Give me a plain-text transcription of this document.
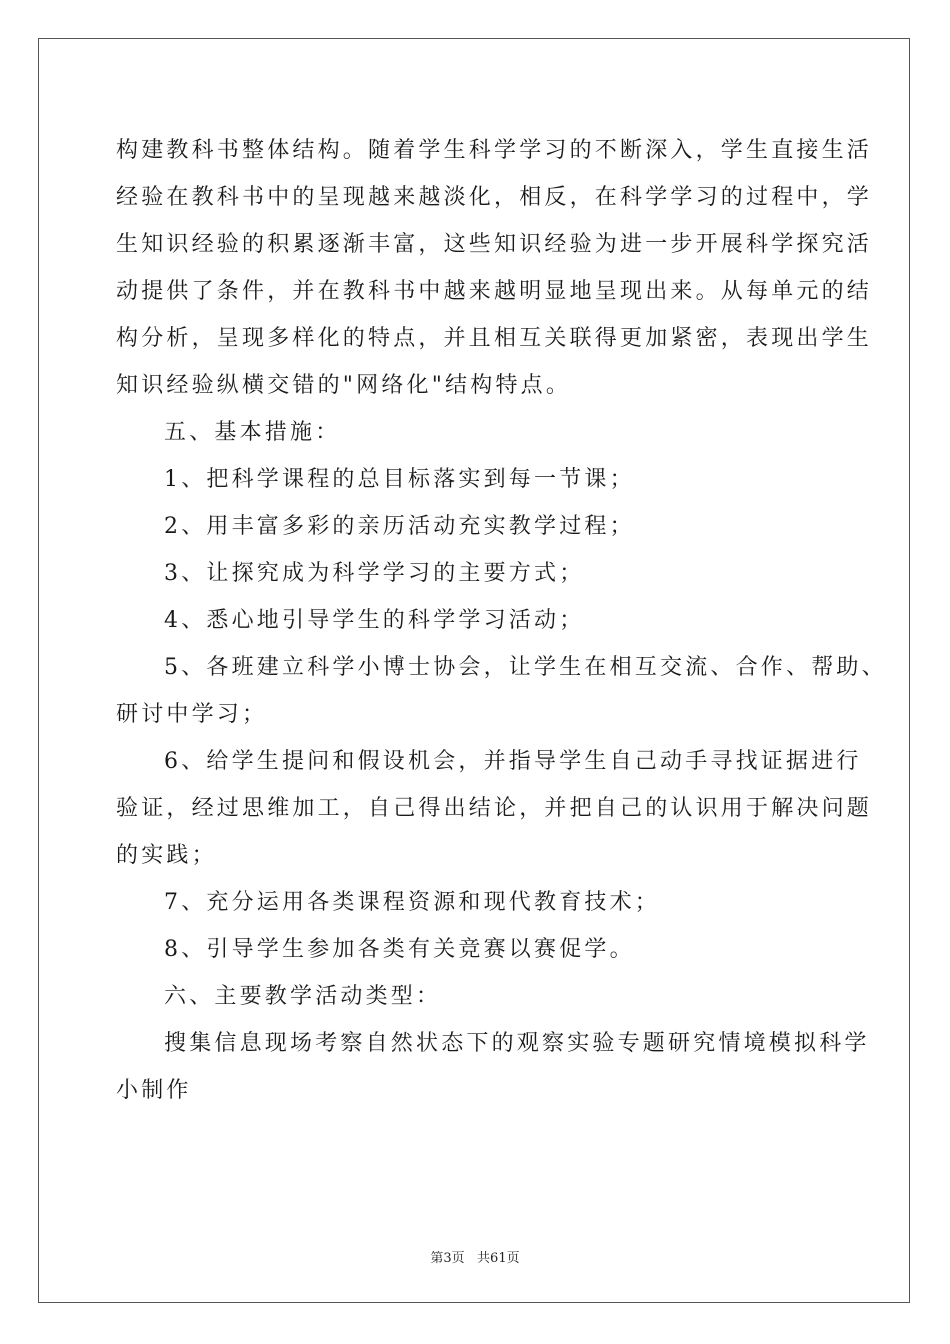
构建教科书整体结构。随着学生科学学习的不断深入，学生直接生活
经验在教科书中的呈现越来越淡化，相反，在科学学习的过程中，学
生知识经验的积累逐渐丰富，这些知识经验为进一步开展科学探究活
动提供了条件，并在教科书中越来越明显地呈现出来。从每单元的结
构分析，呈现多样化的特点，并且相互关联得更加紧密，表现出学生
知识经验纵横交错的"网络化"结构特点。
五、基本措施：
1、把科学课程的总目标落实到每一节课；
2、用丰富多彩的亲历活动充实教学过程；
3、让探究成为科学学习的主要方式；
4、悉心地引导学生的科学学习活动；
5、各班建立科学小博士协会，让学生在相互交流、合作、帮助、
研讨中学习；
6、给学生提问和假设机会，并指导学生自己动手寻找证据进行
验证，经过思维加工，自己得出结论，并把自己的认识用于解决问题
的实践；
7、充分运用各类课程资源和现代教育技术；
8、引导学生参加各类有关竞赛以赛促学。
六、主要教学活动类型：
搜集信息现场考察自然状态下的观察实验专题研究情境模拟科学
小制作
第3页   共61页
